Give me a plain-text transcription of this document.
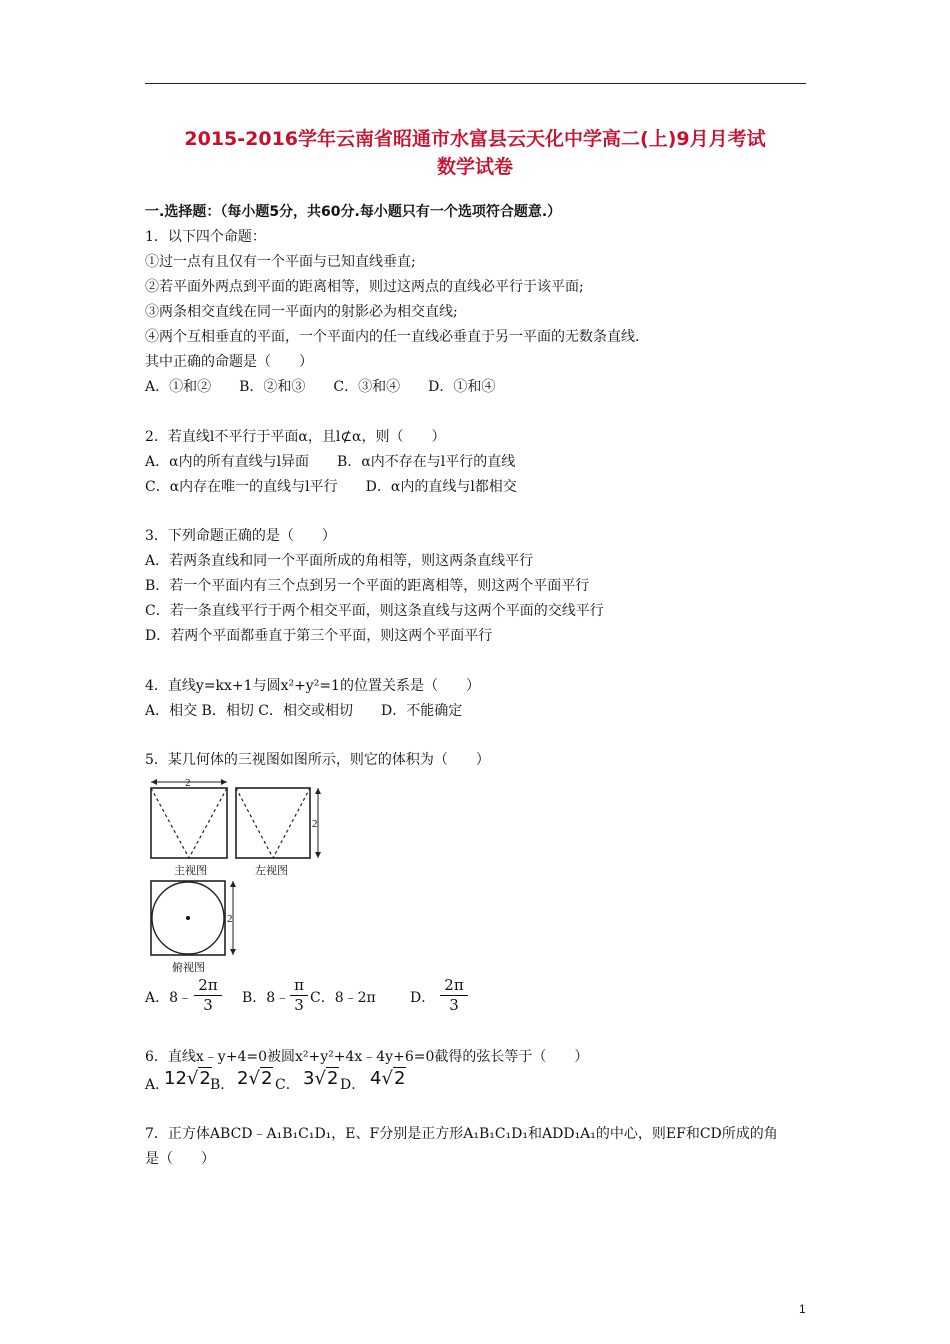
2015-2016学年云南省昭通市水富县云天化中学高二(上)9月月考试
数学试卷
一.选择题：（每小题5分，共60分.每小题只有一个选项符合题意.）
1．以下四个命题：
①过一点有且仅有一个平面与已知直线垂直;
②若平面外两点到平面的距离相等，则过这两点的直线必平行于该平面;
③两条相交直线在同一平面内的射影必为相交直线;
④两个互相垂直的平面，一个平面内的任一直线必垂直于另一平面的无数条直线.
其中正确的命题是（　　）
A．①和②　　B．②和③　　C．③和④　　D．①和④
2．若直线l不平行于平面α，且l⊄α，则（　　）
A．α内的所有直线与l异面　　B．α内不存在与l平行的直线
C．α内存在唯一的直线与l平行　　D．α内的直线与l都相交
3．下列命题正确的是（　　）
A．若两条直线和同一个平面所成的角相等，则这两条直线平行
B．若一个平面内有三个点到另一个平面的距离相等，则这两个平面平行
C．若一条直线平行于两个相交平面，则这条直线与这两个平面的交线平行
D．若两个平面都垂直于第三个平面，则这两个平面平行
4．直线y=kx+1与圆x²+y²=1的位置关系是（　　）
A．相交 B．相切 C．相交或相切　　D．不能确定
5．某几何体的三视图如图所示，则它的体积为（　　）
2
主视图
2
左视图
2
俯视图
A．8﹣
2π
3	B．8﹣
π
3 C．8﹣2π D．
2π
3
6．直线x﹣y+4=0被圆x²+y²+4x﹣4y+6=0截得的弦长等于（　　）
A．
12√2 B． 2√2 C． 3√2 D． 4√2
7．正方体ABCD﹣A₁B₁C₁D₁，E、F分别是正方形A₁B₁C₁D₁和ADD₁A₁的中心，则EF和CD所成的角
是（　　）
1
